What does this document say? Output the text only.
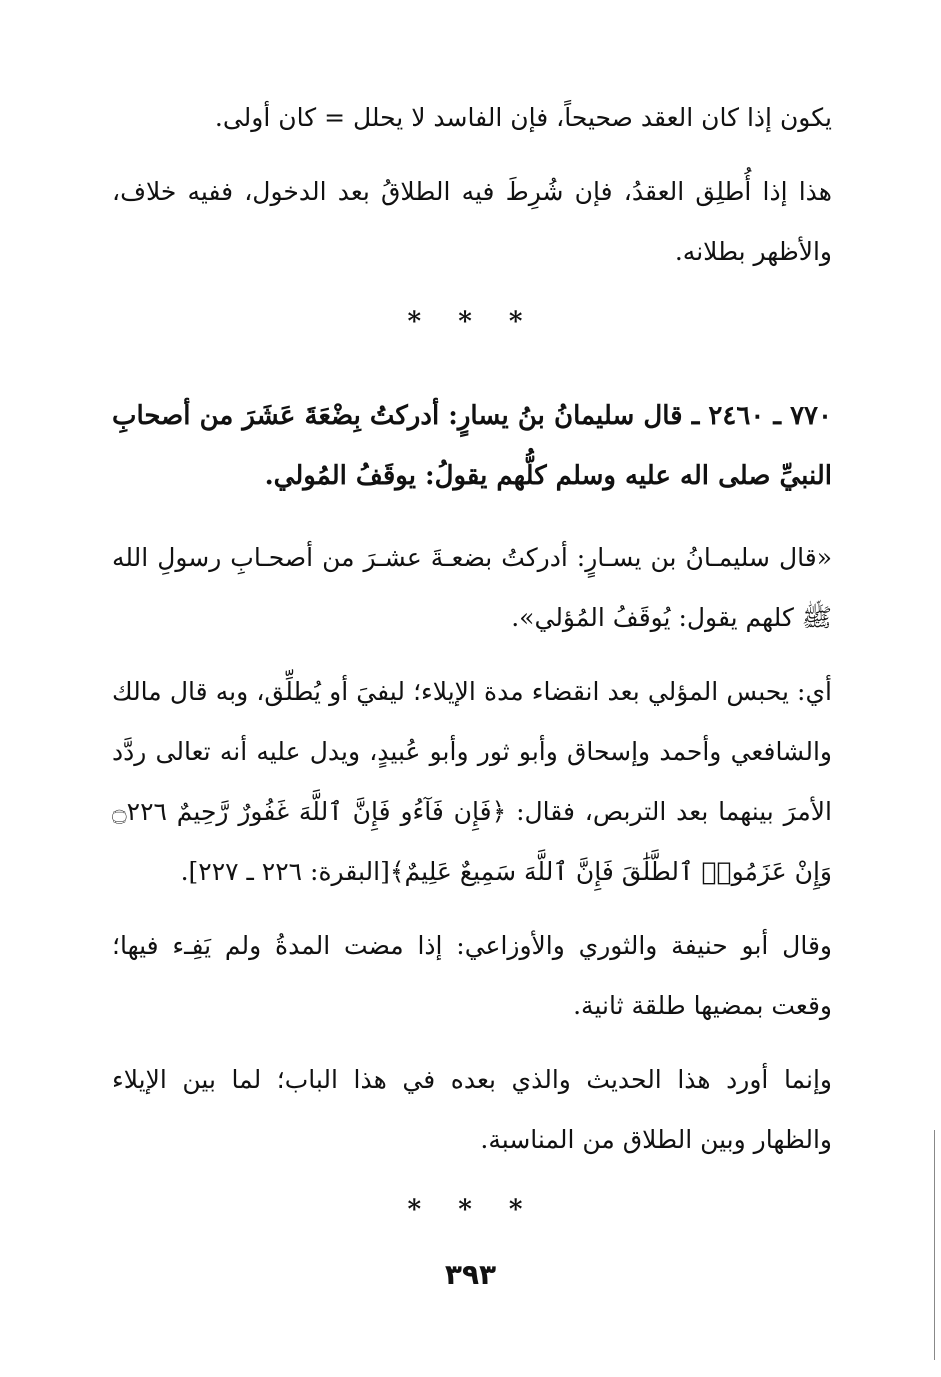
يكون إذا كان العقد صحيحاً، فإن الفاسد لا يحلل = كان أولى.

هذا إذا أُطلِق العقدُ، فإن شُرِطَ فيه الطلاقُ بعد الدخول، ففيه خلاف، والأظهر بطلانه.

* * *

٧٧٠ ـ ٢٤٦٠ ـ قال سليمانُ بنُ يسارٍ: أدركتُ بِضْعَةَ عَشَرَ من أصحابِ النبيِّ صلى اله عليه وسلم كلُّهم يقولُ: يوقَفُ المُولي.

«قال سليمـانُ بن يسـارٍ: أدركتُ بضعـةَ عشـرَ من أصحـابِ رسولِ الله ﷺ كلهم يقول: يُوقَفُ المُؤلي».

أي: يحبس المؤلي بعد انقضاء مدة الإيلاء؛ ليفيَ أو يُطلِّق، وبه قال مالك والشافعي وأحمد وإسحاق وأبو ثور وأبو عُبيدٍ، ويدل عليه أنه تعالى ردَّد الأمرَ بينهما بعد التربص، فقال: ﴿فَإِن فَآءُو فَإِنَّ ٱللَّهَ غَفُورٌ رَّحِيمٌ ۝٢٢٦ وَإِنْ عَزَمُوا۟ ٱلطَّلَٰقَ فَإِنَّ ٱللَّهَ سَمِيعٌ عَلِيمٌ﴾[البقرة: ٢٢٦ ـ ٢٢٧].

وقال أبو حنيفة والثوري والأوزاعي: إذا مضت المدةُ ولم يَفِـء فيها؛ وقعت بمضيها طلقة ثانية.

وإنما أورد هذا الحديث والذي بعده في هذا الباب؛ لما بين الإيلاء والظهار وبين الطلاق من المناسبة.

* * *
٣٩٣
